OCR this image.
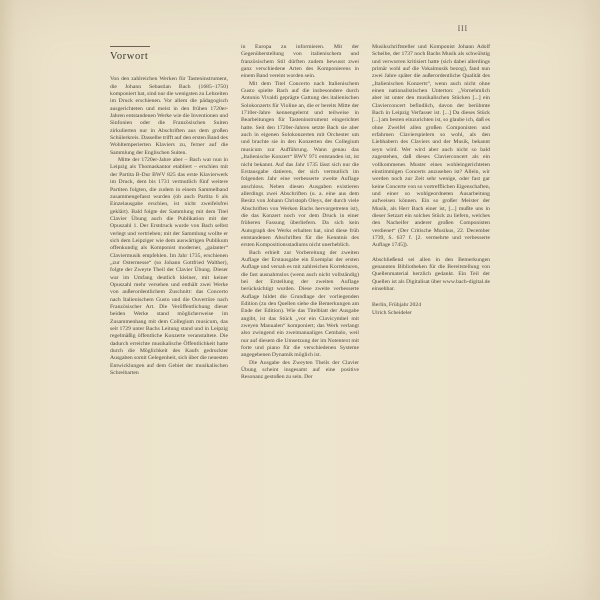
III
Vorwort

Von den zahlreichen Werken für Tasteninstrument, die Johann Sebastian Bach (1685–1750) komponiert hat, sind nur die wenigsten zu Lebzeiten im Druck erschienen. Vor allem die pädagogisch ausgerichteten und meist in den frühen 1720er-Jahren entstandenen Werke wie die Inventionen und Sinfonien oder die Französischen Suiten zirkulierten nur in Abschriften aus dem großen Schülerkreis. Dasselbe trifft auf den ersten Band des Wohltemperierten Klaviers zu, ferner auf die Sammlung der Englischen Suiten.

Mitte der 1720er-Jahre aber – Bach war nun in Leipzig als Thomaskantor etabliert – erschien mit der Partita B-Dur BWV 825 das erste Klavierwerk im Druck, dem bis 1731 vermutlich fünf weitere Partiten folgten, die zudem in einem Sammelband zusammengefasst wurden (ob auch Partita 6 als Einzelausgabe erschien, ist nicht zweifelsfrei geklärt). Bald folgte der Sammlung mit dem Titel Clavier Übung auch die Publikation mit der Opuszahl 1. Der Erstdruck wurde von Bach selbst verlegt und vertrieben; mit der Sammlung wollte er sich dem Leipziger wie dem auswärtigen Publikum offenkundig als Komponist moderner, „galanter“ Claviermusik empfehlen. Im Jahr 1735, erschienen „zur Ostermesse“ (so Johann Gottfried Walther), folgte der Zweyte Theil der Clavier Übung. Dieser war im Umfang deutlich kleiner, mit keiner Opuszahl mehr versehen und enthält zwei Werke von außerordentlichem Zuschnitt: das Concerto nach Italienischem Gusto und die Ouvertüre nach Französischer Art. Die Veröffentlichung dieser beiden Werke stand möglicherweise im Zusammenhang mit dem Collegium musicum, das seit 1729 unter Bachs Leitung stand und in Leipzig regelmäßig öffentliche Konzerte veranstaltete. Die dadurch erreichte musikalische Öffentlichkeit hatte durch die Möglichkeit des Kaufs gedruckter Ausgaben somit Gelegenheit, sich über die neuesten Entwicklungen auf dem Gebiet der musikalischen Schreibarten

in Europa zu informieren. Mit der Gegenüberstellung von italienischem und französischem Stil dürften zudem bewusst zwei ganz verschiedene Arten des Komponierens in einem Band vereint worden sein.

Mit dem Titel Concerto nach Italienischem Gusto spielte Bach auf die insbesondere durch Antonio Vivaldi geprägte Gattung des italienischen Solokonzerts für Violine an, die er bereits Mitte der 1710er-Jahre kennengelernt und teilweise in Bearbeitungen für Tasteninstrument eingerichtet hatte. Seit den 1720er-Jahren setzte Bach sie aber auch in eigenen Solokonzerten mit Orchester um und brachte sie in den Konzerten des Collegium musicum zur Aufführung. Wann genau das „Italienische Konzert“ BWV 971 entstanden ist, ist nicht bekannt. Auf das Jahr 1735 lässt sich nur die Erstausgabe datieren, der sich vermutlich im folgenden Jahr eine verbesserte zweite Auflage anschloss. Neben diesen Ausgaben existieren allerdings zwei Abschriften (u. a. eine aus dem Besitz von Johann Christoph Oleys, der durch viele Abschriften von Werken Bachs hervorgetreten ist), die das Konzert noch vor dem Druck in einer früheren Fassung überliefern. Da sich kein Autograph des Werks erhalten hat, sind diese früh entstandenen Abschriften für die Kenntnis des ersten Kompositionsstadiums nicht unerheblich.

Bach erhielt zur Vorbereitung der zweiten Auflage der Erstausgabe ein Exemplar der ersten Auflage und versah es mit zahlreichen Korrekturen, die fast ausnahmslos (wenn auch nicht vollständig) bei der Erstellung der zweiten Auflage berücksichtigt wurden. Diese zweite verbesserte Auflage bildet die Grundlage der vorliegenden Edition (zu den Quellen siehe die Bemerkungen am Ende der Edition). Wie das Titelblatt der Ausgabe angibt, ist das Stück „vor ein Clavicymbel mit zweyen Manualen“ komponiert; das Werk verlangt also zwingend ein zweimanualiges Cembalo, weil nur auf diesem die Umsetzung der im Notentext mit forte und piano für die verschiedenen Systeme angegebenen Dynamik möglich ist.

Die Ausgabe des Zweyten Theils der Clavier Übung scheint insgesamt auf eine positive Resonanz gestoßen zu sein. Der

Musikschriftsteller und Komponist Johann Adolf Scheibe, der 1737 noch Bachs Musik als schwülstig und verworren kritisiert hatte (sich dabei allerdings primär wohl auf die Vokalmusik bezog), fand nun zwei Jahre später die außerordentliche Qualität des „Italienischen Konzerts“, wenn auch nicht ohne einen nationalistischen Unterton: „Vornehmlich aber ist unter den musikalischen Stücken [...] ein Clavierconcert befindlich, davon der berühmte Bach in Leipzig Verfasser ist. [...] Da dieses Stück [...] am besten einzurichten ist, so glaube ich, daß es ohne Zweifel allen großen Componisten und erfahrnen Clavierspielern so wohl, als den Liebhabern des Claviers und der Musik, bekannt seyn wird. Wer wird aber auch nicht so bald zugestehen, daß dieses Clavierconcert als ein vollkommenes Muster eines wohleingerichteten einstimmigen Concerts anzusehen ist? Allein, wir werden noch zur Zeit sehr wenige, oder fast gar keine Concerte von so vortrefflichen Eigenschaften, und einer so wohlgeordneten Ausarbeitung aufweisen können. Ein so großer Meister der Musik, als Herr Bach einer ist, [...] mußte uns in dieser Setzart ein solches Stück zu liefern, welches den Nacheifer anderer großen Componisten verdienet“ (Der Critische Musikus, 22. December 1739, S. 637 f. [2. vermehrte und verbesserte Auflage 1745]).

Abschließend sei allen in den Bemerkungen genannten Bibliotheken für die Bereitstellung von Quellenmaterial herzlich gedankt. Ein Teil der Quellen ist als Digitalisat über www.bach-digital.de einsehbar.

Berlin, Frühjahr 2024
Ulrich Scheideler
